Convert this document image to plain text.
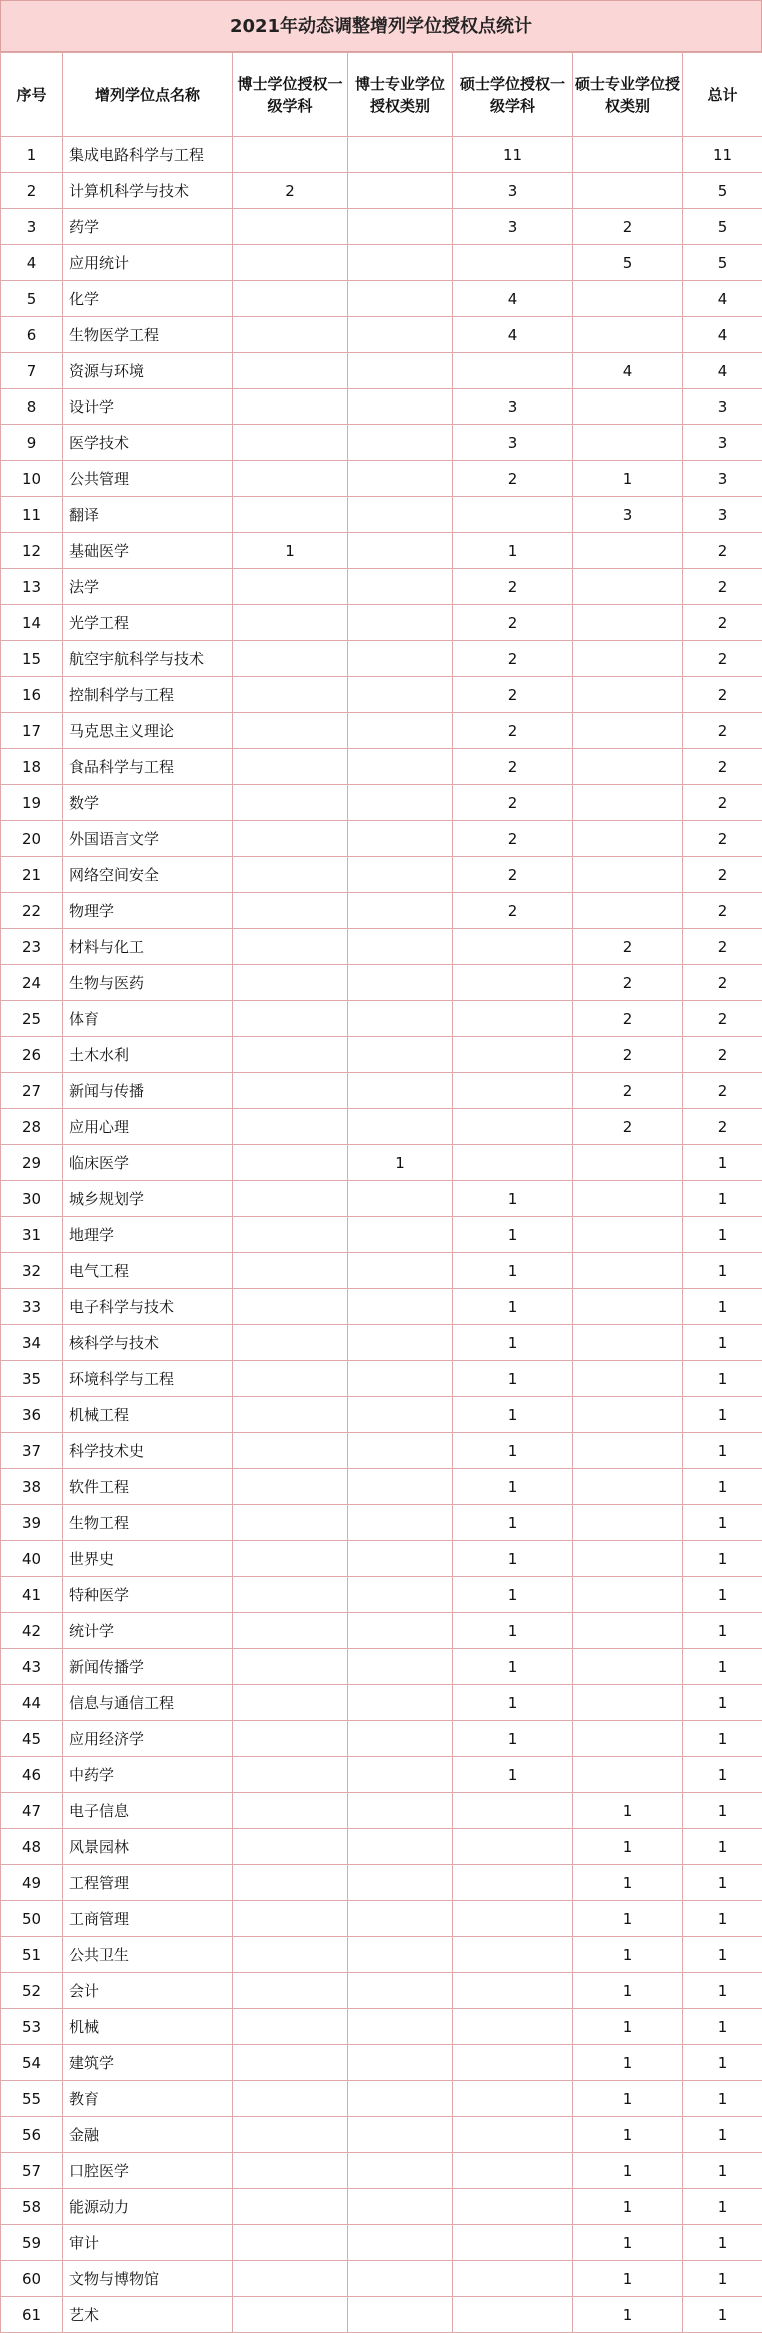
2021年动态调整增列学位授权点统计
序号	增列学位点名称	博士学位授权一级学科	博士专业学位授权类别	硕士学位授权一级学科	硕士专业学位授权类别	总计
1	集成电路科学与工程			11		11
2	计算机科学与技术	2		3		5
3	药学			3	2	5
4	应用统计				5	5
5	化学			4		4
6	生物医学工程			4		4
7	资源与环境				4	4
8	设计学			3		3
9	医学技术			3		3
10	公共管理			2	1	3
11	翻译				3	3
12	基础医学	1		1		2
13	法学			2		2
14	光学工程			2		2
15	航空宇航科学与技术			2		2
16	控制科学与工程			2		2
17	马克思主义理论			2		2
18	食品科学与工程			2		2
19	数学			2		2
20	外国语言文学			2		2
21	网络空间安全			2		2
22	物理学			2		2
23	材料与化工				2	2
24	生物与医药				2	2
25	体育				2	2
26	土木水利				2	2
27	新闻与传播				2	2
28	应用心理				2	2
29	临床医学		1			1
30	城乡规划学			1		1
31	地理学			1		1
32	电气工程			1		1
33	电子科学与技术			1		1
34	核科学与技术			1		1
35	环境科学与工程			1		1
36	机械工程			1		1
37	科学技术史			1		1
38	软件工程			1		1
39	生物工程			1		1
40	世界史			1		1
41	特种医学			1		1
42	统计学			1		1
43	新闻传播学			1		1
44	信息与通信工程			1		1
45	应用经济学			1		1
46	中药学			1		1
47	电子信息				1	1
48	风景园林				1	1
49	工程管理				1	1
50	工商管理				1	1
51	公共卫生				1	1
52	会计				1	1
53	机械				1	1
54	建筑学				1	1
55	教育				1	1
56	金融				1	1
57	口腔医学				1	1
58	能源动力				1	1
59	审计				1	1
60	文物与博物馆				1	1
61	艺术				1	1
